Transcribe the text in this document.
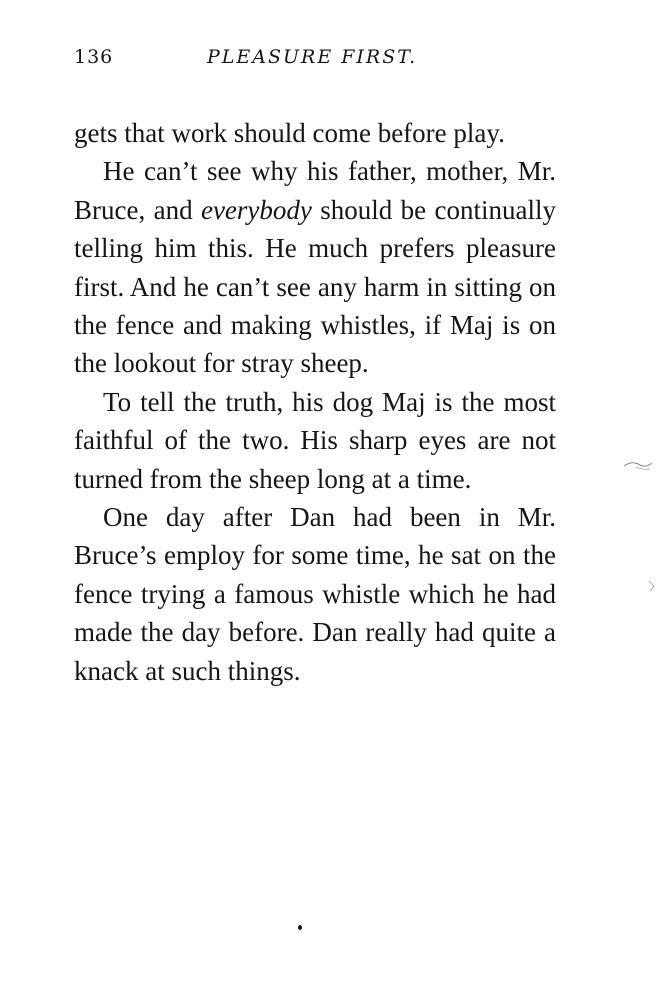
136	PLEASURE FIRST.

gets that work should come before play.

He can’t see why his father, mother, Mr. Bruce, and everybody should be continually telling him this. He much prefers pleasure first. And he can’t see any harm in sitting on the fence and making whistles, if Maj is on the lookout for stray sheep.

To tell the truth, his dog Maj is the most faithful of the two. His sharp eyes are not turned from the sheep long at a time.

One day after Dan had been in Mr. Bruce’s employ for some time, he sat on the fence trying a famous whistle which he had made the day before. Dan really had quite a knack at such things.
